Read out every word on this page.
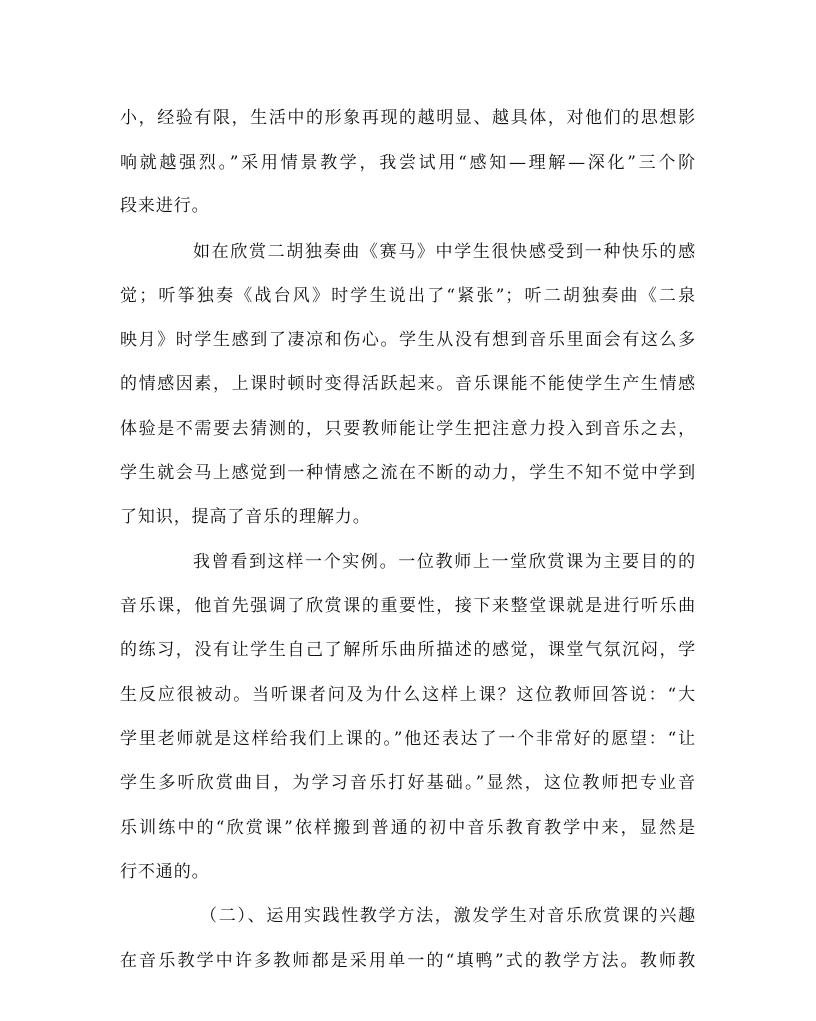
小，经验有限，生活中的形象再现的越明显、越具体，对他们的思想影
响就越强烈。”采用情景教学，我尝试用“感知—理解—深化”三个阶
段来进行。
如在欣赏二胡独奏曲《赛马》中学生很快感受到一种快乐的感
觉；听筝独奏《战台风》时学生说出了“紧张”；听二胡独奏曲《二泉
映月》时学生感到了凄凉和伤心。学生从没有想到音乐里面会有这么多
的情感因素，上课时顿时变得活跃起来。音乐课能不能使学生产生情感
体验是不需要去猜测的，只要教师能让学生把注意力投入到音乐之去，
学生就会马上感觉到一种情感之流在不断的动力，学生不知不觉中学到
了知识，提高了音乐的理解力。
我曾看到这样一个实例。一位教师上一堂欣赏课为主要目的的
音乐课，他首先强调了欣赏课的重要性，接下来整堂课就是进行听乐曲
的练习，没有让学生自己了解所乐曲所描述的感觉，课堂气氛沉闷，学
生反应很被动。当听课者问及为什么这样上课？这位教师回答说：“大
学里老师就是这样给我们上课的。”他还表达了一个非常好的愿望：“让
学生多听欣赏曲目，为学习音乐打好基础。”显然，这位教师把专业音
乐训练中的“欣赏课”依样搬到普通的初中音乐教育教学中来，显然是
行不通的。
（二）、运用实践性教学方法，激发学生对音乐欣赏课的兴趣
在音乐教学中许多教师都是采用单一的“填鸭”式的教学方法。教师教
